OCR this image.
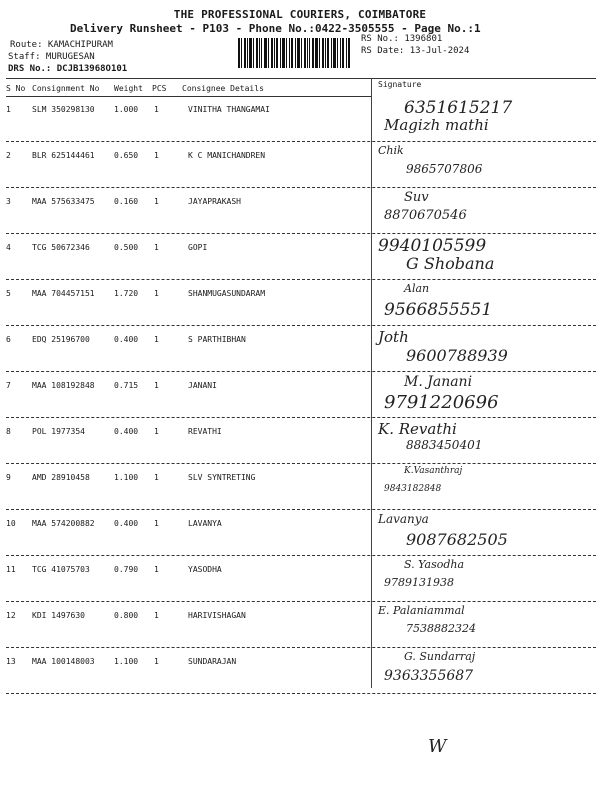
THE PROFESSIONAL COURIERS, COIMBATORE
Delivery Runsheet - P103 - Phone No.:0422-3505555 - Page No.:1
Route: KAMACHIPURAM
Staff: MURUGESAN
DRS No.: DCJB13968O101
RS No.: 1396801
RS Date: 13-Jul-2024
S No Consignment No Weight PCS Consignee Details	Signature
1	SLM 350298130 1.000 1	VINITHA THANGAMAI	6351615217
Magizh mathi
2	BLR 625144461 0.650 1	K C MANICHANDREN	Chik
9865707806
3	MAA 575633475 0.160 1	JAYAPRAKASH	Suv
8870670546
4	TCG 50672346	0.500 1	GOPI	9940105599
G Shobana
5	MAA 704457151 1.720 1	SHANMUGASUNDARAM	Alan
9566855551
6	EDQ 25196700	0.400 1	S PARTHIBHAN	Joth
9600788939
7	MAA 108192848 0.715 1	JANANI	M. Janani
9791220696
8	POL 1977354	0.400 1	REVATHI	K. Revathi
8883450401
9	AMD 28910458	1.100 1	SLV SYNTRETING
K.Vasanthraj
9843182848
10 MAA 574200882 0.400 1	LAVANYA	Lavanya
9087682505
11 TCG 41075703	0.790 1	YASODHA	S. Yasodha
9789131938
12 KDI 1497630	0.800 1	HARIVISHAGAN	E. Palaniammal
7538882324
13 MAA 100148003 1.100 1	SUNDARAJAN	G. Sundarraj
9363355687
W
